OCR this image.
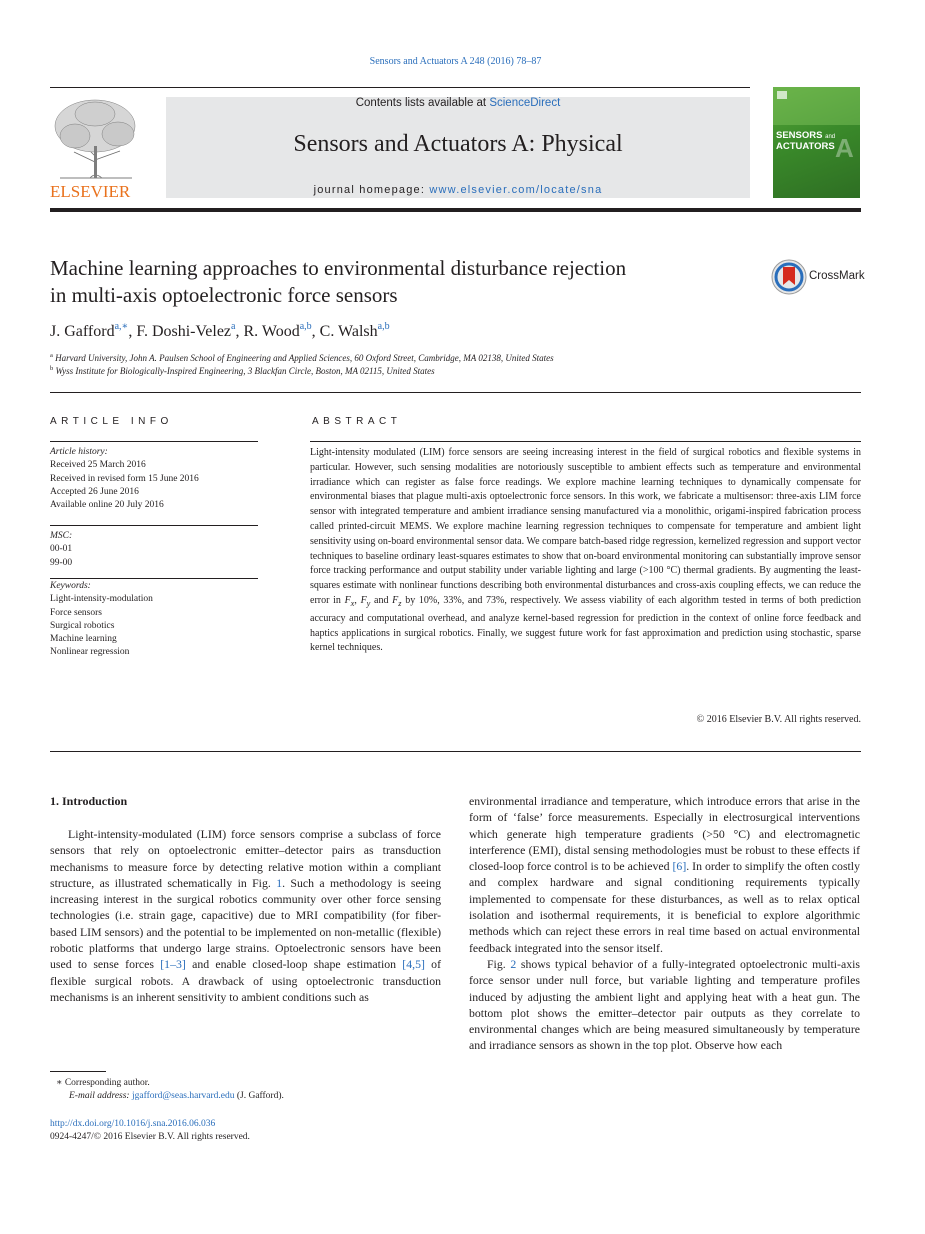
Sensors and Actuators A 248 (2016) 78–87
ELSEVIER
Contents lists available at ScienceDirect
Sensors and Actuators A: Physical
journal homepage: www.elsevier.com/locate/sna
A
SENSORS and
ACTUATORS
Machine learning approaches to environmental disturbance rejection
in multi-axis optoelectronic force sensors
CrossMark
J. Gafford$^{a,∗}$, F. Doshi-Velez$^a$, R. Wood$^{a,b}$, C. Walsh$^{a,b}$
$^a$ Harvard University, John A. Paulsen School of Engineering and Applied Sciences, 60 Oxford Street, Cambridge, MA 02138, United States
$^b$ Wyss Institute for Biologically-Inspired Engineering, 3 Blackfan Circle, Boston, MA 02115, United States
ARTICLE INFO	ABSTRACT
Article history:
Received 25 March 2016
Received in revised form 15 June 2016
Accepted 26 June 2016
Available online 20 July 2016
MSC:
00-01
99-00
Keywords:
Light-intensity-modulation
Force sensors
Surgical robotics
Machine learning
Nonlinear regression
Light-intensity modulated (LIM) force sensors are seeing increasing interest in the field of surgical robotics and flexible systems in particular. However, such sensing modalities are notoriously susceptible to ambient effects such as temperature and environmental irradiance which can register as false force readings. We explore machine learning techniques to dynamically compensate for environmental biases that plague multi-axis optoelectronic force sensors. In this work, we fabricate a multisensor: three-axis LIM force sensor with integrated temperature and ambient irradiance sensing manufactured via a monolithic, origami-inspired fabrication process called printed-circuit MEMS. We explore machine learning regression techniques to compensate for temperature and ambient light sensitivity using on-board environmental sensor data. We compare batch-based ridge regression, kernelized regression and support vector techniques to baseline ordinary least-squares estimates to show that on-board environmental monitoring can substantially improve sensor force tracking performance and output stability under variable lighting and large (>100 °C) thermal gradients. By augmenting the least-squares estimate with nonlinear functions describing both environmental disturbances and cross-axis coupling effects, we can reduce the error in $F_x$, $F_y$ and $F_z$ by 10%, 33%, and 73%, respectively. We assess viability of each algorithm tested in terms of both prediction accuracy and computational overhead, and analyze kernel-based regression for prediction in the context of online force feedback and haptics applications in surgical robotics. Finally, we suggest future work for fast approximation and prediction using stochastic, sparse kernel techniques.
© 2016 Elsevier B.V. All rights reserved.
1. Introduction

Light-intensity-modulated (LIM) force sensors comprise a subclass of force sensors that rely on optoelectronic emitter–detector pairs as transduction mechanisms to measure force by detecting relative motion within a compliant structure, as illustrated schematically in Fig. 1. Such a methodology is seeing increasing interest in the surgical robotics community over other force sensing technologies (i.e. strain gage, capacitive) due to MRI compatibility (for fiber-based LIM sensors) and the potential to be implemented on non-metallic (flexible) robotic platforms that undergo large strains. Optoelectronic sensors have been used to sense forces [1–3] and enable closed-loop shape estimation [4,5] of flexible surgical robots. A drawback of using optoelectronic transduction mechanisms is an inherent sensitivity to ambient conditions such as

environmental irradiance and temperature, which introduce errors that arise in the form of ‘false’ force measurements. Especially in electrosurgical interventions which generate high temperature gradients (>50 °C) and electromagnetic interference (EMI), distal sensing methodologies must be robust to these effects if closed-loop force control is to be achieved [6]. In order to simplify the often costly and complex hardware and signal conditioning requirements typically implemented to compensate for these disturbances, as well as to relax optical isolation and isothermal requirements, it is beneficial to explore algorithmic methods which can reject these errors in real time based on actual environmental feedback integrated into the sensor itself.

Fig. 2 shows typical behavior of a fully-integrated optoelectronic multi-axis force sensor under null force, but variable lighting and temperature profiles induced by adjusting the ambient light and applying heat with a heat gun. The bottom plot shows the emitter–detector pair outputs as they correlate to environmental changes which are being measured simultaneously by temperature and irradiance sensors as shown in the top plot. Observe how each

∗ Corresponding author.
E-mail address: jgafford@seas.harvard.edu (J. Gafford).
http://dx.doi.org/10.1016/j.sna.2016.06.036
0924-4247/© 2016 Elsevier B.V. All rights reserved.
